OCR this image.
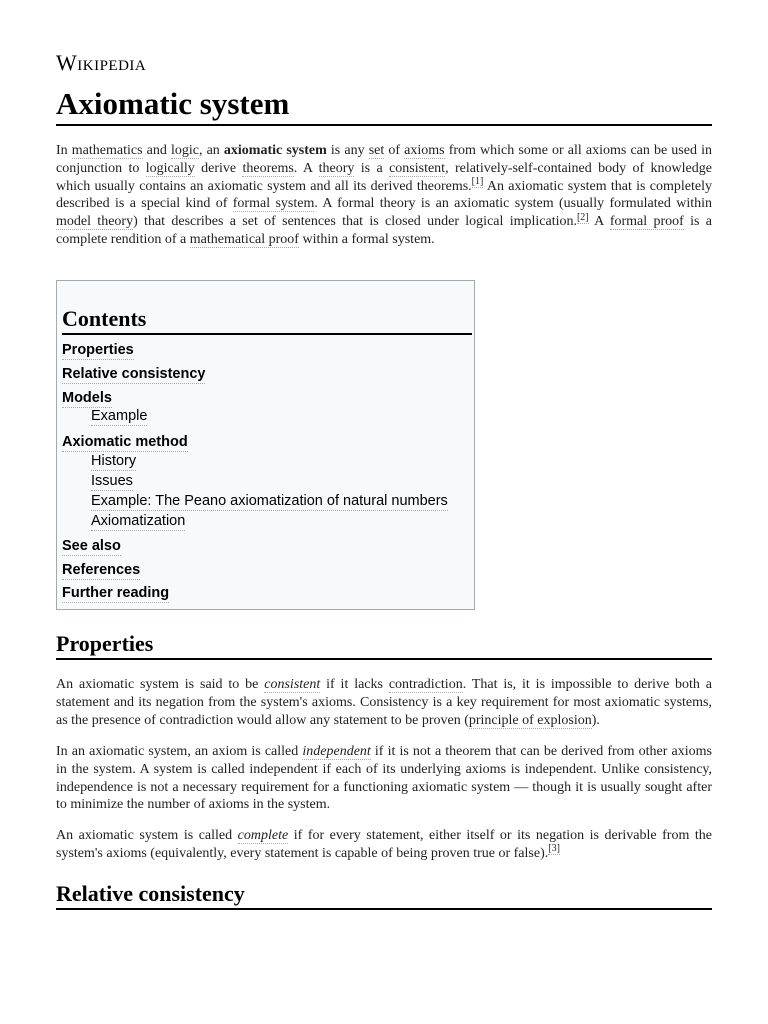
Wikipedia
Axiomatic system

In mathematics and logic, an axiomatic system is any set of axioms from which some or all axioms can be used in conjunction to logically derive theorems. A theory is a consistent, relatively-self-contained body of knowledge which usually contains an axiomatic system and all its derived theorems.[1] An axiomatic system that is completely described is a special kind of formal system. A formal theory is an axiomatic system (usually formulated within model theory) that describes a set of sentences that is closed under logical implication.[2] A formal proof is a complete rendition of a mathematical proof within a formal system.

Contents
Properties
Relative consistency
Models
Example
Axiomatic method
History
Issues
Example: The Peano axiomatization of natural numbers
Axiomatization
See also
References
Further reading
Properties

An axiomatic system is said to be consistent if it lacks contradiction. That is, it is impossible to derive both a statement and its negation from the system's axioms. Consistency is a key requirement for most axiomatic systems, as the presence of contradiction would allow any statement to be proven (principle of explosion).

In an axiomatic system, an axiom is called independent if it is not a theorem that can be derived from other axioms in the system. A system is called independent if each of its underlying axioms is independent. Unlike consistency, independence is not a necessary requirement for a functioning axiomatic system — though it is usually sought after to minimize the number of axioms in the system.

An axiomatic system is called complete if for every statement, either itself or its negation is derivable from the system's axioms (equivalently, every statement is capable of being proven true or false).[3]

Relative consistency
